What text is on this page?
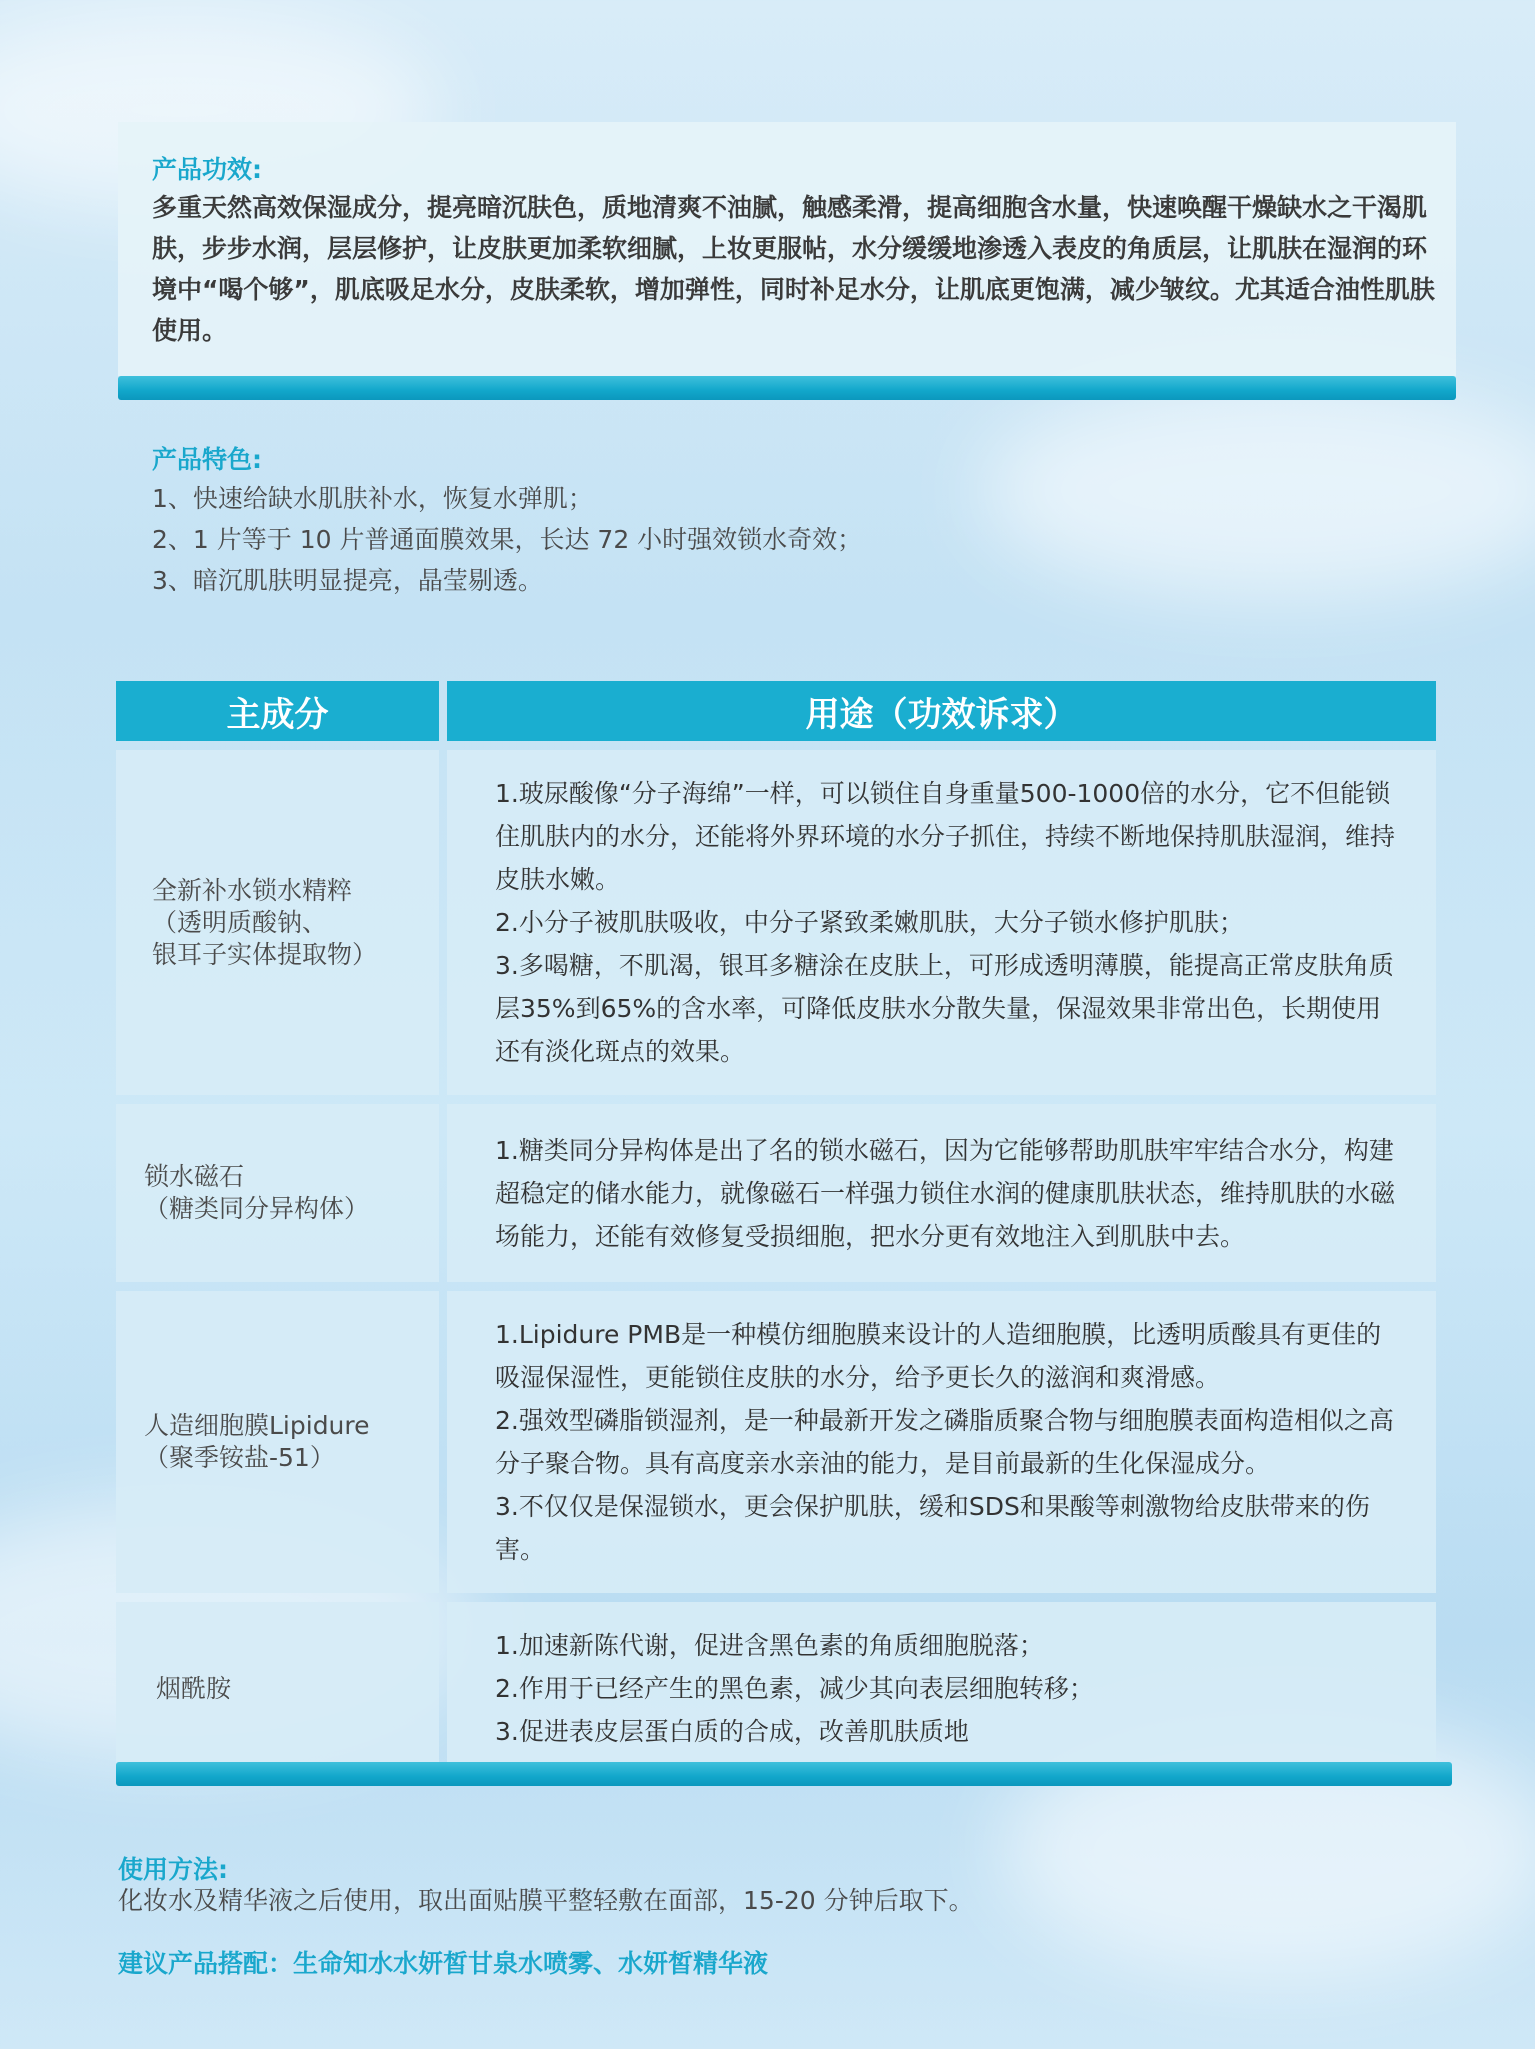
产品功效:
多重天然高效保湿成分，提亮暗沉肤色，质地清爽不油腻，触感柔滑，提高细胞含水量，快速唤醒干燥缺水之干渴肌肤，步步水润，层层修护，让皮肤更加柔软细腻，上妆更服帖，水分缓缓地渗透入表皮的角质层，让肌肤在湿润的环境中“喝个够”，肌底吸足水分，皮肤柔软，增加弹性，同时补足水分，让肌底更饱满，减少皱纹。尤其适合油性肌肤使用。
产品特色:
1、快速给缺水肌肤补水，恢复水弹肌；
2、1 片等于 10 片普通面膜效果，长达 72 小时强效锁水奇效；
3、暗沉肌肤明显提亮，晶莹剔透。
主成分	用途（功效诉求）

全新补水锁水精粹
（透明质酸钠、
银耳子实体提取物）	1.玻尿酸像“分子海绵”一样，可以锁住自身重量500-1000倍的水分，它不但能锁住肌肤内的水分，还能将外界环境的水分子抓住，持续不断地保持肌肤湿润，维持皮肤水嫩。
2.小分子被肌肤吸收，中分子紧致柔嫩肌肤，大分子锁水修护肌肤；
3.多喝糖，不肌渴，银耳多糖涂在皮肤上，可形成透明薄膜，能提高正常皮肤角质层35%到65%的含水率，可降低皮肤水分散失量，保湿效果非常出色，长期使用还有淡化斑点的效果。

锁水磁石
（糖类同分异构体）	1.糖类同分异构体是出了名的锁水磁石，因为它能够帮助肌肤牢牢结合水分，构建超稳定的储水能力，就像磁石一样强力锁住水润的健康肌肤状态，维持肌肤的水磁场能力，还能有效修复受损细胞，把水分更有效地注入到肌肤中去。

人造细胞膜Lipidure
（聚季铵盐-51）	1.Lipidure PMB是一种模仿细胞膜来设计的人造细胞膜，比透明质酸具有更佳的吸湿保湿性，更能锁住皮肤的水分，给予更长久的滋润和爽滑感。
2.强效型磷脂锁湿剂，是一种最新开发之磷脂质聚合物与细胞膜表面构造相似之高分子聚合物。具有高度亲水亲油的能力，是目前最新的生化保湿成分。
3.不仅仅是保湿锁水，更会保护肌肤，缓和SDS和果酸等刺激物给皮肤带来的伤害。

烟酰胺	1.加速新陈代谢，促进含黑色素的角质细胞脱落；
2.作用于已经产生的黑色素，减少其向表层细胞转移；
3.促进表皮层蛋白质的合成，改善肌肤质地
使用方法:
化妆水及精华液之后使用，取出面贴膜平整轻敷在面部，15-20 分钟后取下。
建议产品搭配：生命知水水妍皙甘泉水喷雾、水妍皙精华液
